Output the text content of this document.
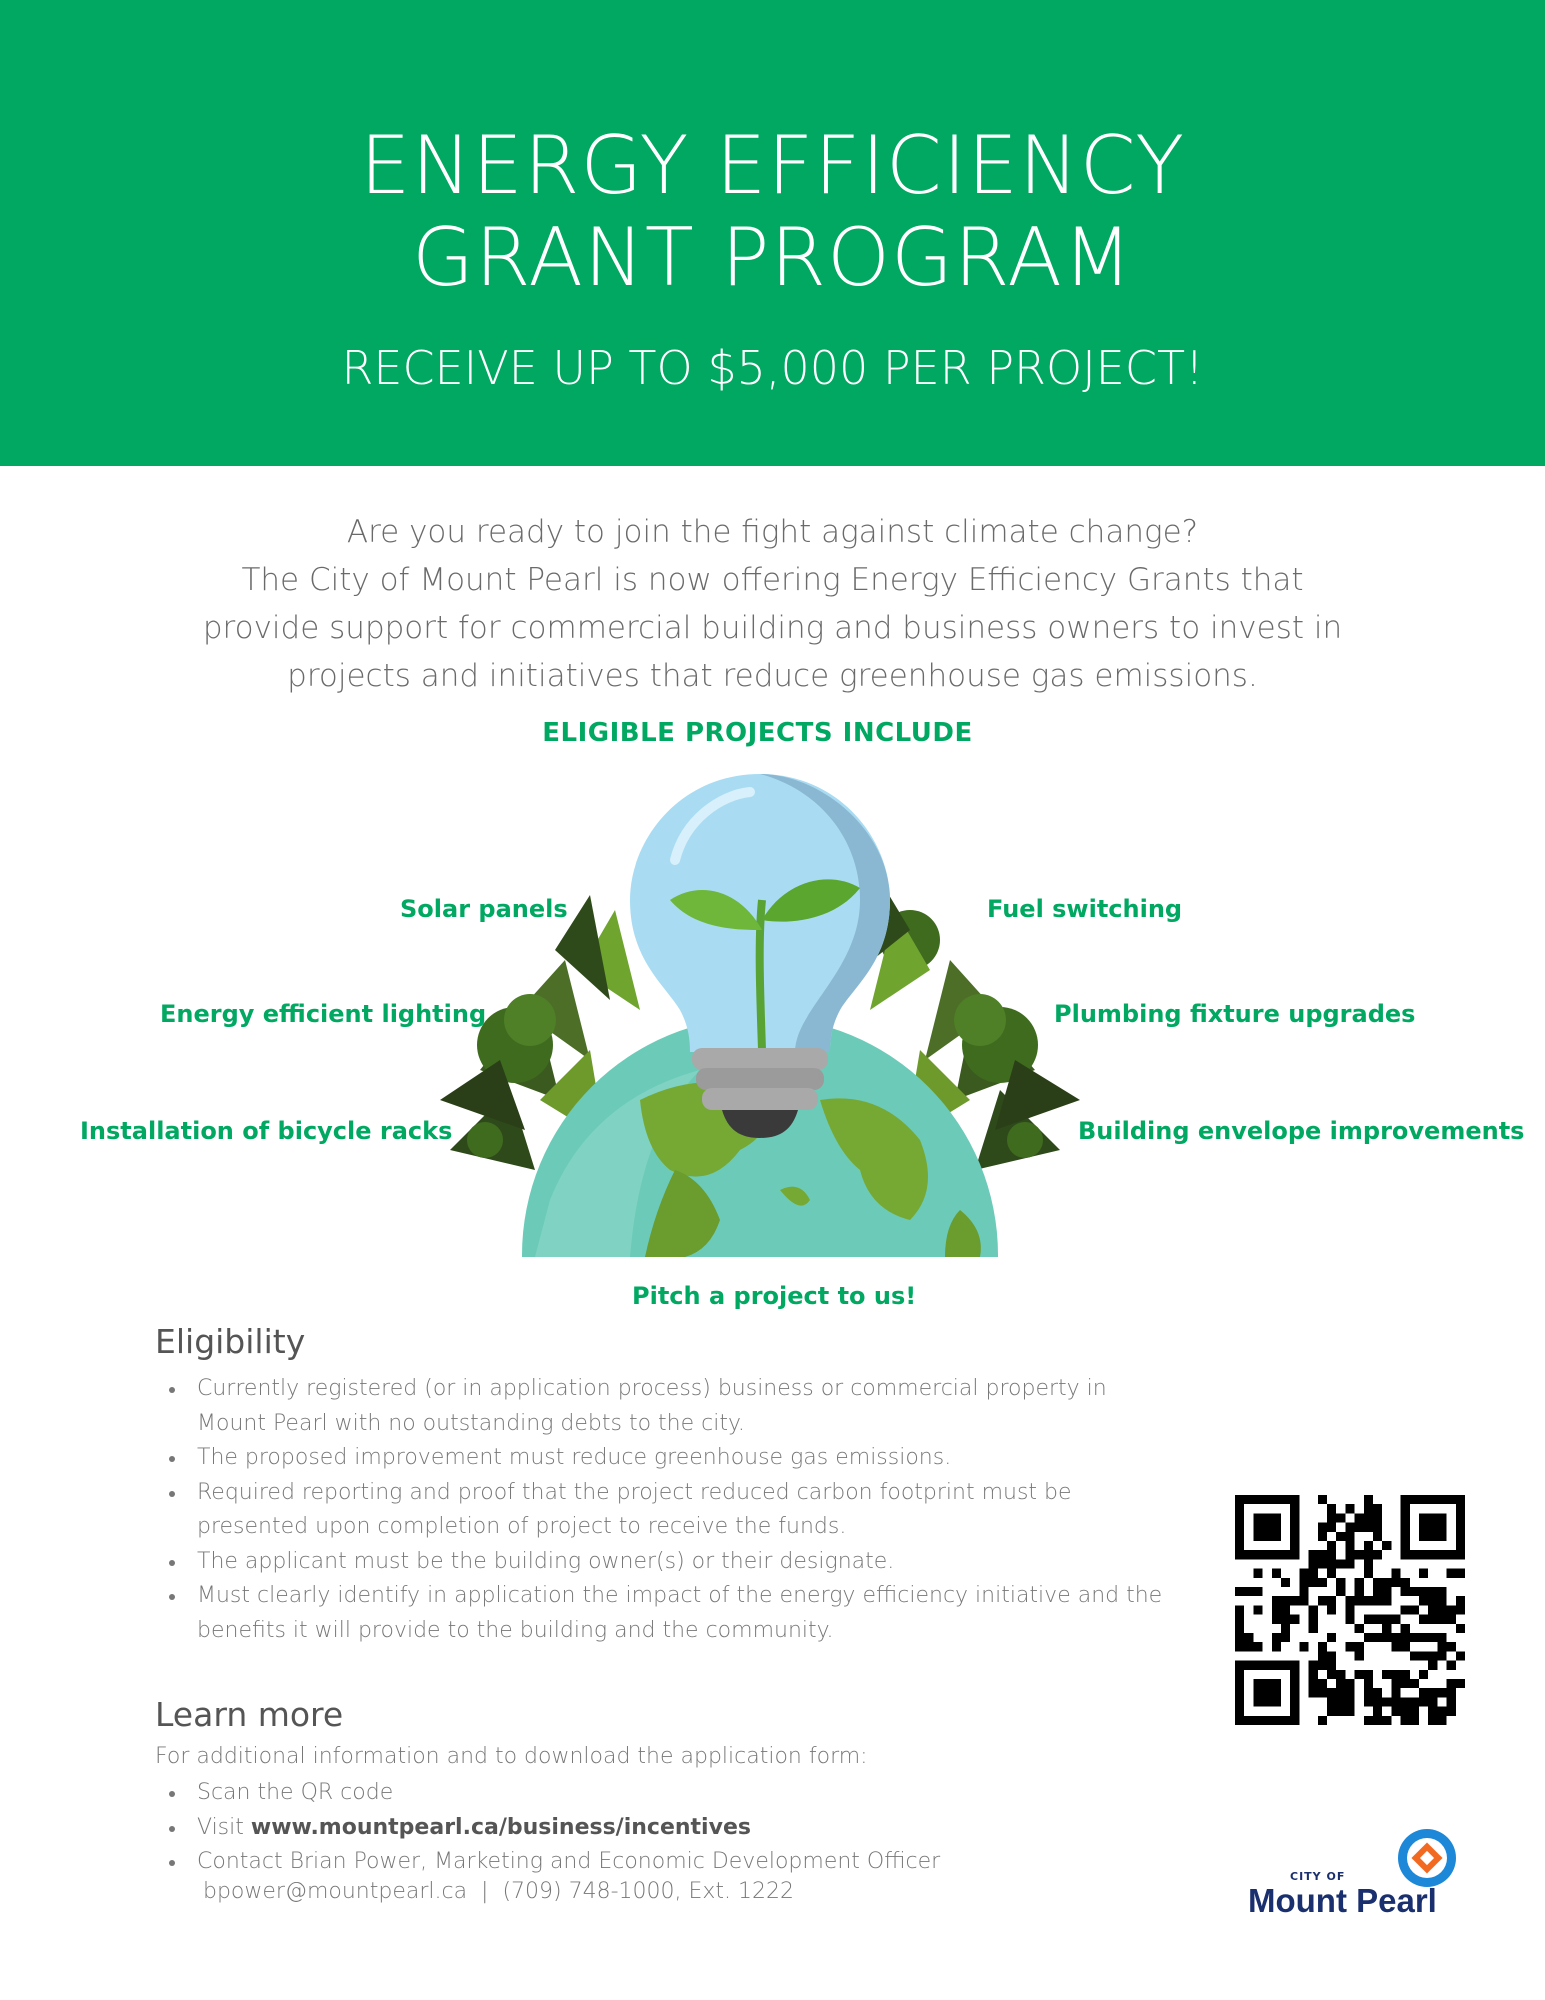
ENERGY EFFICIENCY
GRANT PROGRAM
RECEIVE UP TO $5,000 PER PROJECT!
Are you ready to join the fight against climate change?
The City of Mount Pearl is now offering Energy Efficiency Grants that
provide support for commercial building and business owners to invest in
projects and initiatives that reduce greenhouse gas emissions.
ELIGIBLE PROJECTS INCLUDE
Solar panels
Energy efficient lighting
Installation of bicycle racks
Fuel switching
Plumbing fixture upgrades
Building envelope improvements
Pitch a project to us!
Eligibility
Currently registered (or in application process) business or commercial property in Mount Pearl with no outstanding debts to the city.
The proposed improvement must reduce greenhouse gas emissions.
Required reporting and proof that the project reduced carbon footprint must be presented upon completion of project to receive the funds.
The applicant must be the building owner(s) or their designate.
Must clearly identify in application the impact of the energy efficiency initiative and the benefits it will provide to the building and the community.
Learn more
For additional information and to download the application form:
Scan the QR code
Visit www.mountpearl.ca/business/incentives
Contact Brian Power, Marketing and Economic Development Officer
bpower@mountpearl.ca  |  (709) 748-1000, Ext. 1222
CITY OF
Mount Pearl
